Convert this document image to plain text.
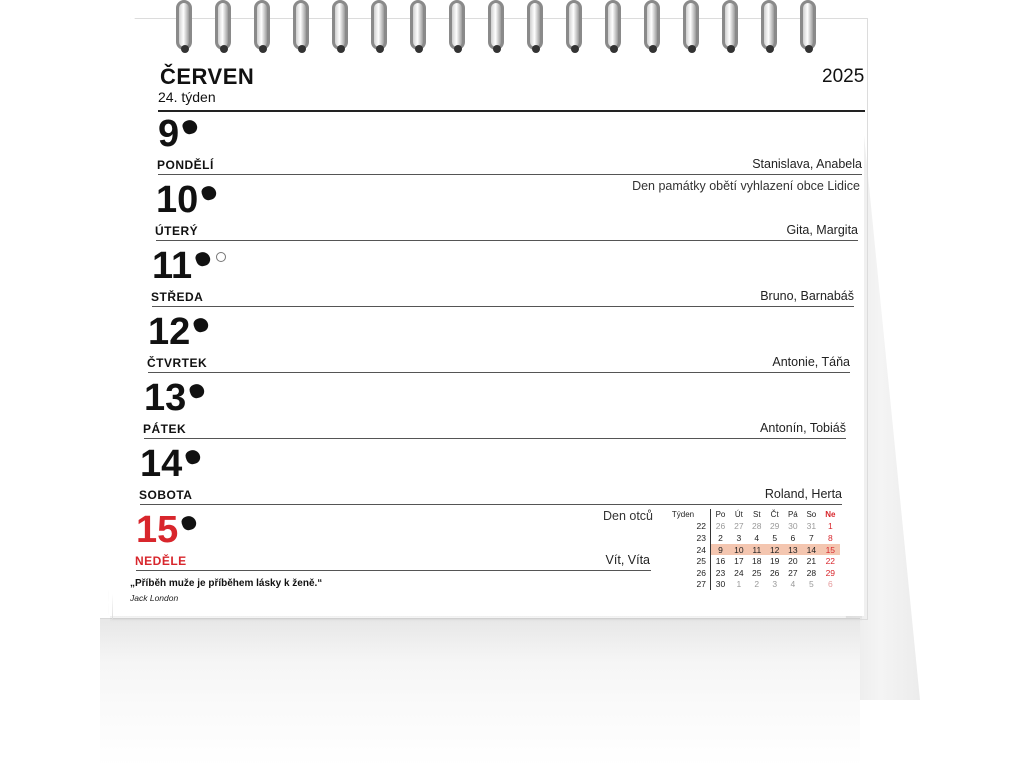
ČERVEN
24. týden
2025
9
PONDĚLÍ	Stanislava, Anabela
Den památky obětí vyhlazení obce Lidice
10
ÚTERÝ	Gita, Margita
11
STŘEDA	Bruno, Barnabáš
12
ČTVRTEK	Antonie, Táňa
13
PÁTEK	Antonín, Tobiáš
14
SOBOTA	Roland, Herta
15
NEDĚLE	Vít, Víta
Den otců
„Příběh muže je příběhem lásky k ženě.“
Jack London
Týden	Po	Út	St	Čt	Pá	So	Ne
22	26	27	28	29	30	31	1
23	2	3	4	5	6	7	8
24	9	10	11	12	13	14	15
25	16	17	18	19	20	21	22
26	23	24	25	26	27	28	29
27	30	1	2	3	4	5	6
